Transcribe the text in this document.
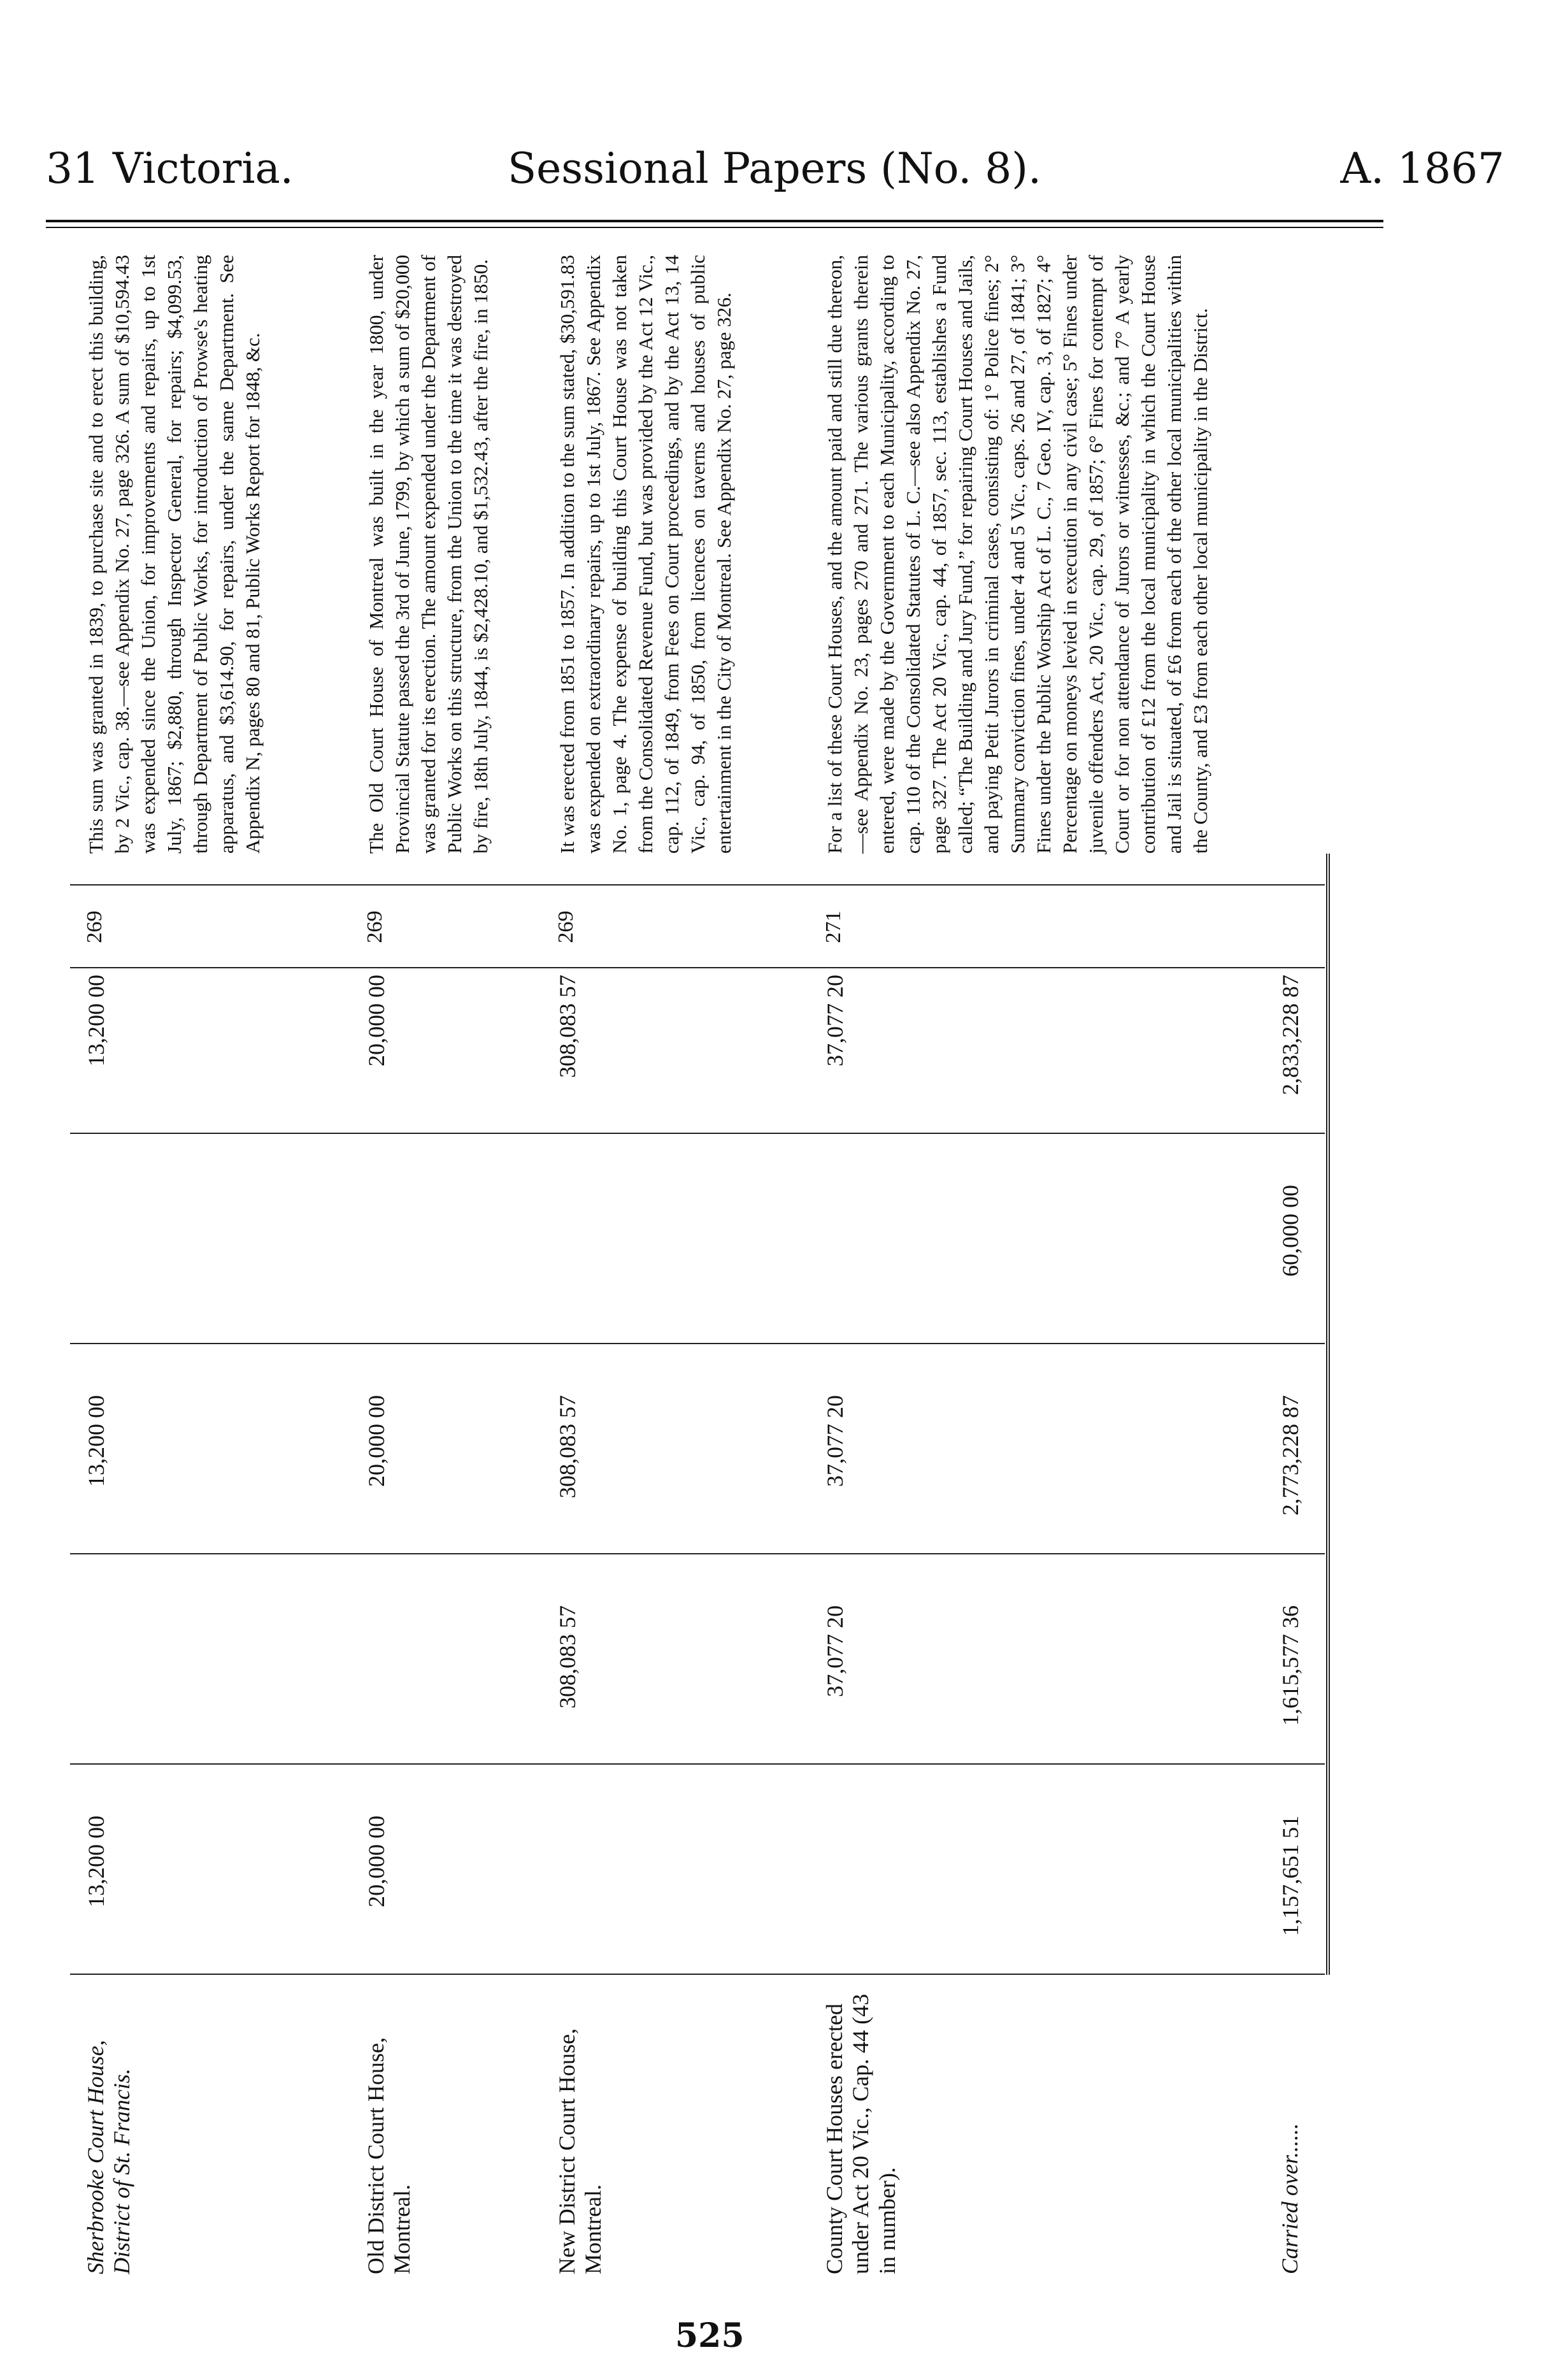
31 Victoria.	Sessional Papers (No. 8).	A. 1867
Sherbrooke Court House, District of St. Francis.
13,200 00
13,200 00
13,200 00
269
This sum was granted in 1839, to purchase site and to erect this building, by 2 Vic., cap. 38.—see Appendix No. 27, page 326. A sum of $10,594.43 was expended since the Union, for improvements and repairs, up to 1st July, 1867; $2,880, through Inspector General, for repairs; $4,099.53, through Department of Public Works, for introduction of Prowse's heating apparatus, and $3,614.90, for repairs, under the same Department. See Appendix N, pages 80 and 81, Public Works Report for 1848, &c.
Old District Court House, Montreal.
20,000 00
20,000 00
20,000 00
269
The Old Court House of Montreal was built in the year 1800, under Provincial Statute passed the 3rd of June, 1799, by which a sum of $20,000 was granted for its erection. The amount expended under the Department of Public Works on this structure, from the Union to the time it was destroyed by fire, 18th July, 1844, is $2,428.10, and $1,532.43, after the fire, in 1850.
New District Court House, Montreal.
308,083 57
308,083 57
308,083 57
269
It was erected from 1851 to 1857. In addition to the sum stated, $30,591.83 was expended on extraordinary repairs, up to 1st July, 1867. See Appendix No. 1, page 4. The expense of building this Court House was not taken from the Consolidated Revenue Fund, but was provided by the Act 12 Vic., cap. 112, of 1849, from Fees on Court proceedings, and by the Act 13, 14 Vic., cap. 94, of 1850, from licences on taverns and houses of public entertainment in the City of Montreal. See Appendix No. 27, page 326.
County Court Houses erected under Act 20 Vic., Cap. 44 (43 in number).
37,077 20
37,077 20
37,077 20
271
For a list of these Court Houses, and the amount paid and still due thereon,—see Appendix No. 23, pages 270 and 271. The various grants therein entered, were made by the Government to each Municipality, according to cap. 110 of the Consolidated Statutes of L. C.—see also Appendix No. 27, page 327. The Act 20 Vic., cap. 44, of 1857, sec. 113, establishes a Fund called; “The Building and Jury Fund,” for repairing Court Houses and Jails, and paying Petit Jurors in criminal cases, consisting of: 1° Police fines; 2° Summary conviction fines, under 4 and 5 Vic., caps. 26 and 27, of 1841; 3° Fines under the Public Worship Act of L. C., 7 Geo. IV, cap. 3, of 1827; 4° Percentage on moneys levied in execution in any civil case; 5° Fines under juvenile offenders Act, 20 Vic., cap. 29, of 1857; 6° Fines for contempt of Court or for non attendance of Jurors or witnesses, &c.; and 7° A yearly contribution of £12 from the local municipality in which the Court House and Jail is situated, of £6 from each of the other local municipalities within the County, and £3 from each other local municipality in the District.
Carried over......
1,157,651 51
1,615,577 36
2,773,228 87
60,000 00
2,833,228 87
525
